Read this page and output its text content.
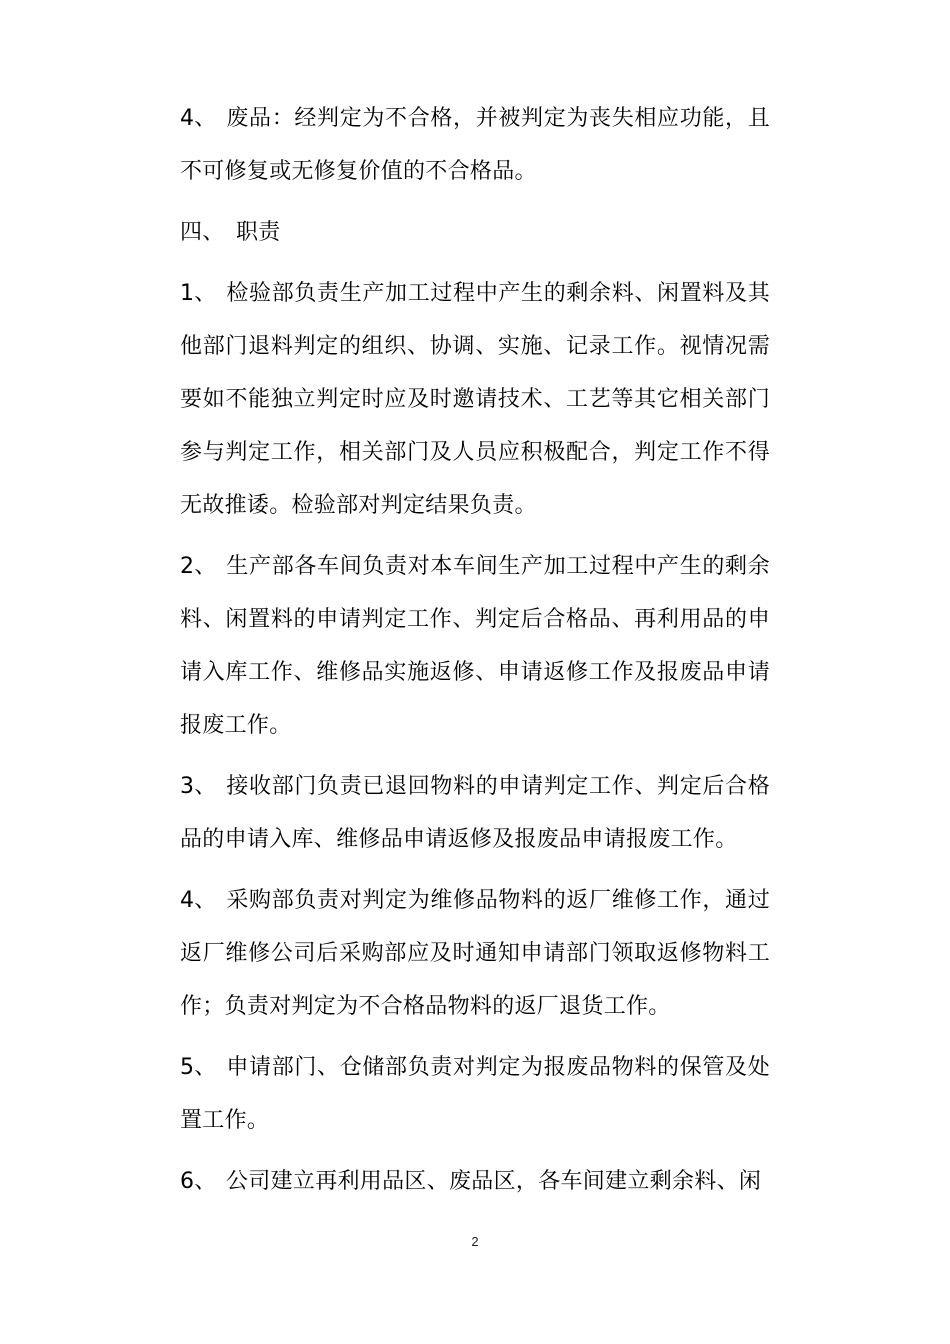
4、 废品：经判定为不合格，并被判定为丧失相应功能，且不可修复或无修复价值的不合格品。

四、 职责

1、 检验部负责生产加工过程中产生的剩余料、闲置料及其他部门退料判定的组织、协调、实施、记录工作。视情况需要如不能独立判定时应及时邀请技术、工艺等其它相关部门参与判定工作，相关部门及人员应积极配合，判定工作不得无故推诿。检验部对判定结果负责。

2、 生产部各车间负责对本车间生产加工过程中产生的剩余料、闲置料的申请判定工作、判定后合格品、再利用品的申请入库工作、维修品实施返修、申请返修工作及报废品申请报废工作。

3、 接收部门负责已退回物料的申请判定工作、判定后合格品的申请入库、维修品申请返修及报废品申请报废工作。

4、 采购部负责对判定为维修品物料的返厂维修工作，通过返厂维修公司后采购部应及时通知申请部门领取返修物料工作；负责对判定为不合格品物料的返厂退货工作。

5、 申请部门、仓储部负责对判定为报废品物料的保管及处置工作。

6、 公司建立再利用品区、废品区，各车间建立剩余料、闲

2
